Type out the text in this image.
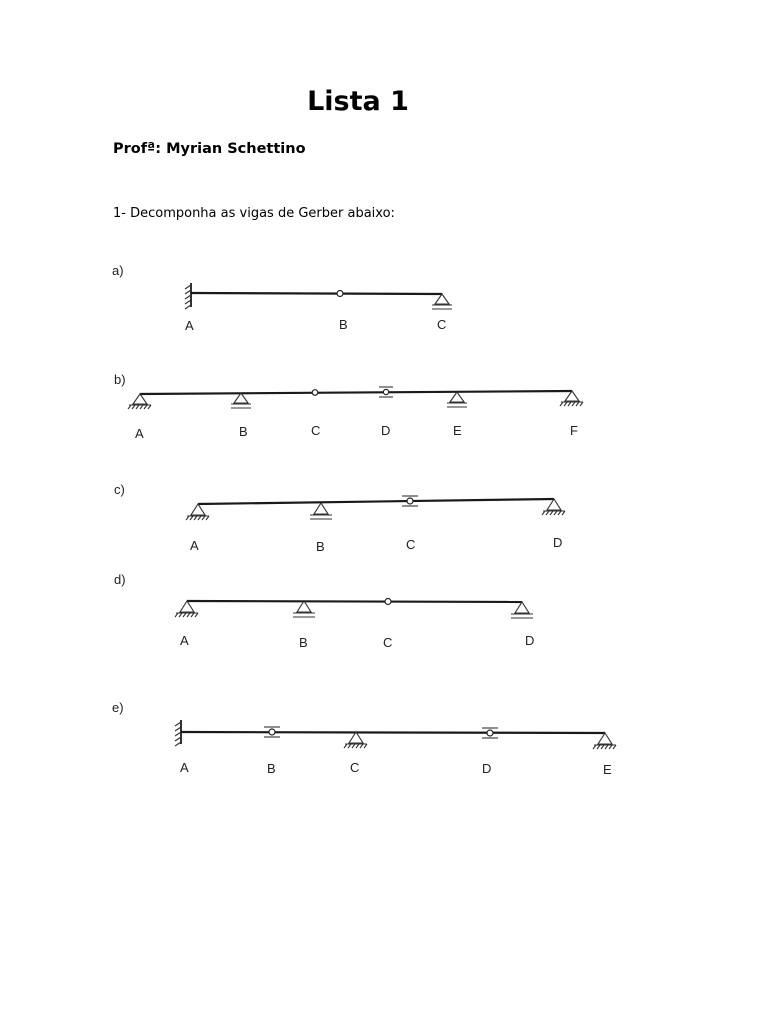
Lista 1
Profª: Myrian Schettino
1- Decomponha as vigas de Gerber abaixo:
a)
A	B	C
b)
A	B	C	D	E	F
c)
A	B	C	D
d)
A	B	C	D
e)
A	B	C	D	E
